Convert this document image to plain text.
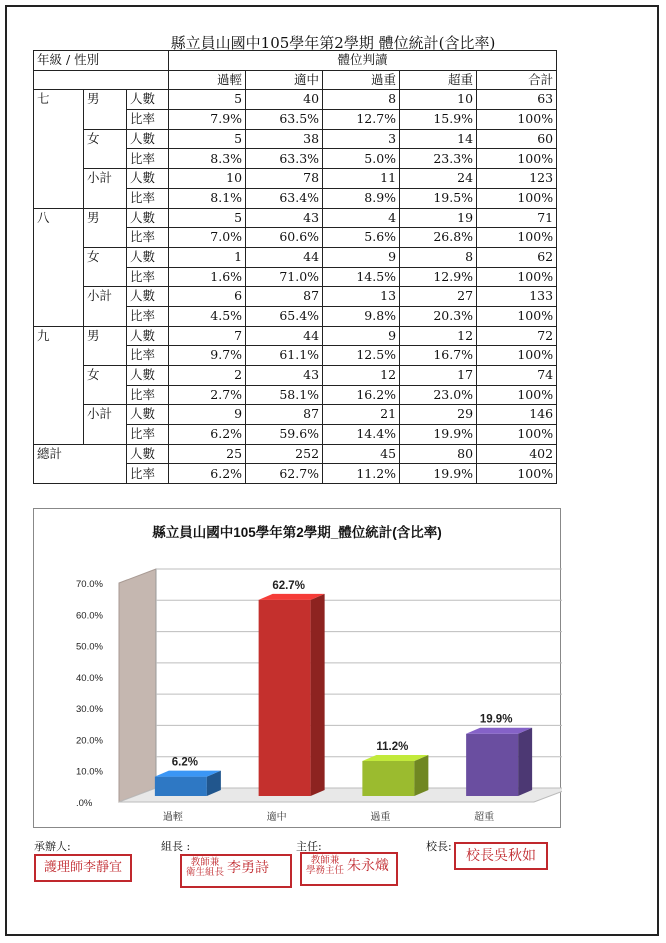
縣立員山國中105學年第2學期 體位統計(含比率)
年級 / 性別			體位判讀				
			過輕	適中	過重	超重	合計
七	男	人數	5	40	8	10	63
		比率	7.9%	63.5%	12.7%	15.9%	100%
	女	人數	5	38	3	14	60
		比率	8.3%	63.3%	5.0%	23.3%	100%
	小計	人數	10	78	11	24	123
		比率	8.1%	63.4%	8.9%	19.5%	100%
八	男	人數	5	43	4	19	71
		比率	7.0%	60.6%	5.6%	26.8%	100%
	女	人數	1	44	9	8	62
		比率	1.6%	71.0%	14.5%	12.9%	100%
	小計	人數	6	87	13	27	133
		比率	4.5%	65.4%	9.8%	20.3%	100%
九	男	人數	7	44	9	12	72
		比率	9.7%	61.1%	12.5%	16.7%	100%
	女	人數	2	43	12	17	74
		比率	2.7%	58.1%	16.2%	23.0%	100%
	小計	人數	9	87	21	29	146
		比率	6.2%	59.6%	14.4%	19.9%	100%
總計		人數	25	252	45	80	402
		比率	6.2%	62.7%	11.2%	19.9%	100%
縣立員山國中105學年第2學期_體位統計(含比率)
.0%
10.0%
20.0%
30.0%
40.0%
50.0%
60.0%
70.0%
6.2%
過輕
62.7%
適中
11.2%
過重
19.9%
超重
承辦人:	組長 :	主任:	校長:
護理師李靜宜	教師兼
衛生組長 李勇詩	教師兼
學務主任 朱永熾
校長吳秋如
